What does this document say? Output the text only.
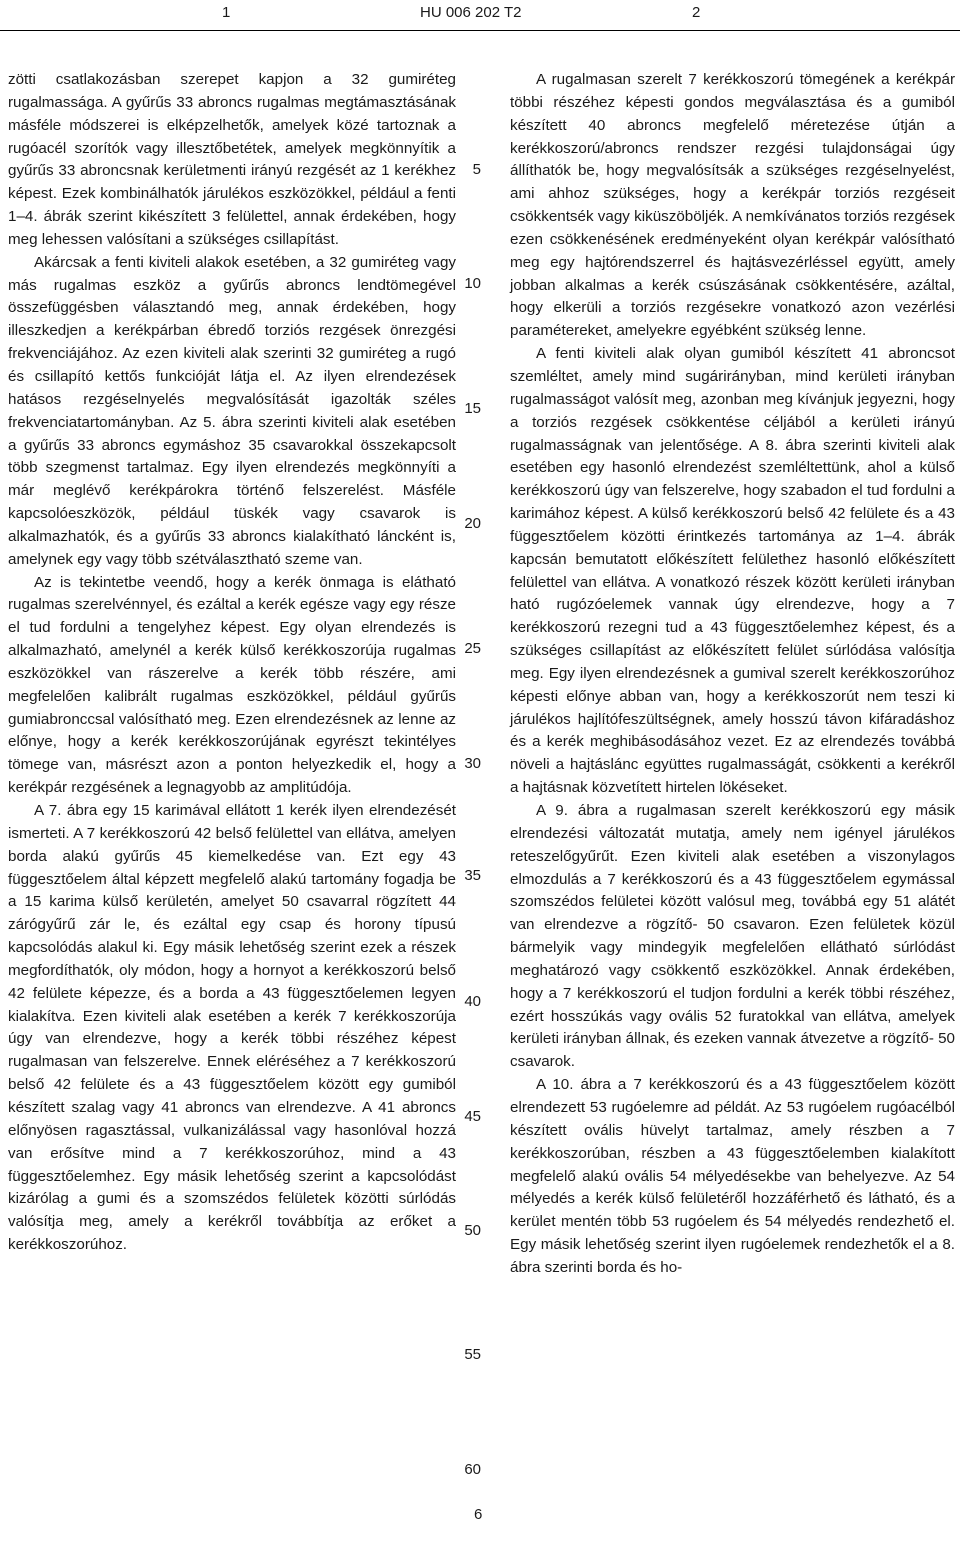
1	HU 006 202 T2	2

zötti csatlakozásban szerepet kapjon a 32 gumiréteg rugalmassága. A gyűrűs 33 abroncs rugalmas megtámasztásának másféle módszerei is elképzelhetők, amelyek közé tartoznak a rugóacél szorítók vagy illesztőbetétek, amelyek megkönnyítik a gyűrűs 33 abroncsnak kerületmenti irányú rezgését az 1 kerékhez képest. Ezek kombinálhatók járulékos eszközökkel, például a fenti 1–4. ábrák szerint kikészített 3 felülettel, annak érdekében, hogy meg lehessen valósítani a szükséges csillapítást.

Akárcsak a fenti kiviteli alakok esetében, a 32 gumiréteg vagy más rugalmas eszköz a gyűrűs abroncs lendtömegével összefüggésben választandó meg, annak érdekében, hogy illeszkedjen a kerékpárban ébredő torziós rezgések önrezgési frekvenciájához. Az ezen kiviteli alak szerinti 32 gumiréteg a rugó és csillapító kettős funkcióját látja el. Az ilyen elrendezések hatásos rezgéselnyelés megvalósítását igazolták széles frekvenciatartományban. Az 5. ábra szerinti kiviteli alak esetében a gyűrűs 33 abroncs egymáshoz 35 csavarokkal összekapcsolt több szegmenst tartalmaz. Egy ilyen elrendezés megkönnyíti a már meglévő kerékpárokra történő felszerelést. Másféle kapcsolóeszközök, például tüskék vagy csavarok is alkalmazhatók, és a gyűrűs 33 abroncs kialakítható láncként is, amelynek egy vagy több szétválasztható szeme van.

Az is tekintetbe veendő, hogy a kerék önmaga is elátható rugalmas szerelvénnyel, és ezáltal a kerék egésze vagy egy része el tud fordulni a tengelyhez képest. Egy olyan elrendezés is alkalmazható, amelynél a kerék külső kerékkoszorúja rugalmas eszközökkel van rászerelve a kerék több részére, ami megfelelően kalibrált rugalmas eszközökkel, például gyűrűs gumiabronccsal valósítható meg. Ezen elrendezésnek az lenne az előnye, hogy a kerék kerékkoszorújának egyrészt tekintélyes tömege van, másrészt azon a ponton helyezkedik el, hogy a kerékpár rezgésének a legnagyobb az amplitúdója.

A 7. ábra egy 15 karimával ellátott 1 kerék ilyen elrendezését ismerteti. A 7 kerékkoszorú 42 belső felülettel van ellátva, amelyen borda alakú gyűrűs 45 kiemelkedése van. Ezt egy 43 függesztőelem által képzett megfelelő alakú tartomány fogadja be a 15 karima külső kerületén, amelyet 50 csavarral rögzített 44 zárógyűrű zár le, és ezáltal egy csap és horony típusú kapcsolódás alakul ki. Egy másik lehetőség szerint ezek a részek megfordíthatók, oly módon, hogy a hornyot a kerékkoszorú belső 42 felülete képezze, és a borda a 43 függesztőelemen legyen kialakítva. Ezen kiviteli alak esetében a kerék 7 kerékkoszorúja úgy van elrendezve, hogy a kerék többi részéhez képest rugalmasan van felszerelve. Ennek eléréséhez a 7 kerékkoszorú belső 42 felülete és a 43 függesztőelem között egy gumiból készített szalag vagy 41 abroncs van elrendezve. A 41 abroncs előnyösen ragasztással, vulkanizálással vagy hasonlóval hozzá van erősítve mind a 7 kerékkoszorúhoz, mind a 43 függesztőelemhez. Egy másik lehetőség szerint a kapcsolódást kizárólag a gumi és a szomszédos felületek közötti súrlódás valósítja meg, amely a kerékről továbbítja az erőket a kerékkoszorúhoz.

A rugalmasan szerelt 7 kerékkoszorú tömegének a kerékpár többi részéhez képesti gondos megválasztása és a gumiból készített 40 abroncs megfelelő méretezése útján a kerékkoszorú/abroncs rendszer rezgési tulajdonságai úgy állíthatók be, hogy megvalósítsák a szükséges rezgéselnyelést, ami ahhoz szükséges, hogy a kerékpár torziós rezgéseit csökkentsék vagy kiküszöböljék. A nemkívánatos torziós rezgések ezen csökkenésének eredményeként olyan kerékpár valósítható meg egy hajtórendszerrel és hajtásvezérléssel együtt, amely jobban alkalmas a kerék csúszásának csökkentésére, azáltal, hogy elkerüli a torziós rezgésekre vonatkozó azon vezérlési paramétereket, amelyekre egyébként szükség lenne.

A fenti kiviteli alak olyan gumiból készített 41 abroncsot szemléltet, amely mind sugárirányban, mind kerületi irányban rugalmasságot valósít meg, azonban meg kívánjuk jegyezni, hogy a torziós rezgések csökkentése céljából a kerületi irányú rugalmasságnak van jelentősége. A 8. ábra szerinti kiviteli alak esetében egy hasonló elrendezést szemléltettünk, ahol a külső kerékkoszorú úgy van felszerelve, hogy szabadon el tud fordulni a karimához képest. A külső kerékkoszorú belső 42 felülete és a 43 függesztőelem közötti érintkezés tartománya az 1–4. ábrák kapcsán bemutatott előkészített felülethez hasonló előkészített felülettel van ellátva. A vonatkozó részek között kerületi irányban ható rugózóelemek vannak úgy elrendezve, hogy a 7 kerékkoszorú rezegni tud a 43 függesztőelemhez képest, és a szükséges csillapítást az előkészített felület súrlódása valósítja meg. Egy ilyen elrendezésnek a gumival szerelt kerékkoszorúhoz képesti előnye abban van, hogy a kerékkoszorút nem teszi ki járulékos hajlítófeszültségnek, amely hosszú távon kifáradáshoz és a kerék meghibásodásához vezet. Ez az elrendezés továbbá növeli a hajtáslánc együttes rugalmasságát, csökkenti a kerékről a hajtásnak közvetített hirtelen lökéseket.

A 9. ábra a rugalmasan szerelt kerékkoszorú egy másik elrendezési változatát mutatja, amely nem igényel járulékos reteszelőgyűrűt. Ezen kiviteli alak esetében a viszonylagos elmozdulás a 7 kerékkoszorú és a 43 függesztőelem egymással szomszédos felületei között valósul meg, továbbá egy 51 alátét van elrendezve a rögzítő- 50 csavaron. Ezen felületek közül bármelyik vagy mindegyik megfelelően ellátható súrlódást meghatározó vagy csökkentő eszközökkel. Annak érdekében, hogy a 7 kerékkoszorú el tudjon fordulni a kerék többi részéhez, ezért hosszúkás vagy ovális 52 furatokkal van ellátva, amelyek kerületi irányban állnak, és ezeken vannak átvezetve a rögzítő- 50 csavarok.

A 10. ábra a 7 kerékkoszorú és a 43 függesztőelem között elrendezett 53 rugóelemre ad példát. Az 53 rugóelem rugóacélból készített ovális hüvelyt tartalmaz, amely részben a 7 kerékkoszorúban, részben a 43 függesztőelemben kialakított megfelelő alakú ovális 54 mélyedésekbe van behelyezve. Az 54 mélyedés a kerék külső felületéről hozzáférhető és látható, és a kerület mentén több 53 rugóelem és 54 mélyedés rendezhető el. Egy másik lehetőség szerint ilyen rugóelemek rendezhetők el a 8. ábra szerinti borda és ho-

5
10
15
20
25
30
35
40
45
50
55
60
6
